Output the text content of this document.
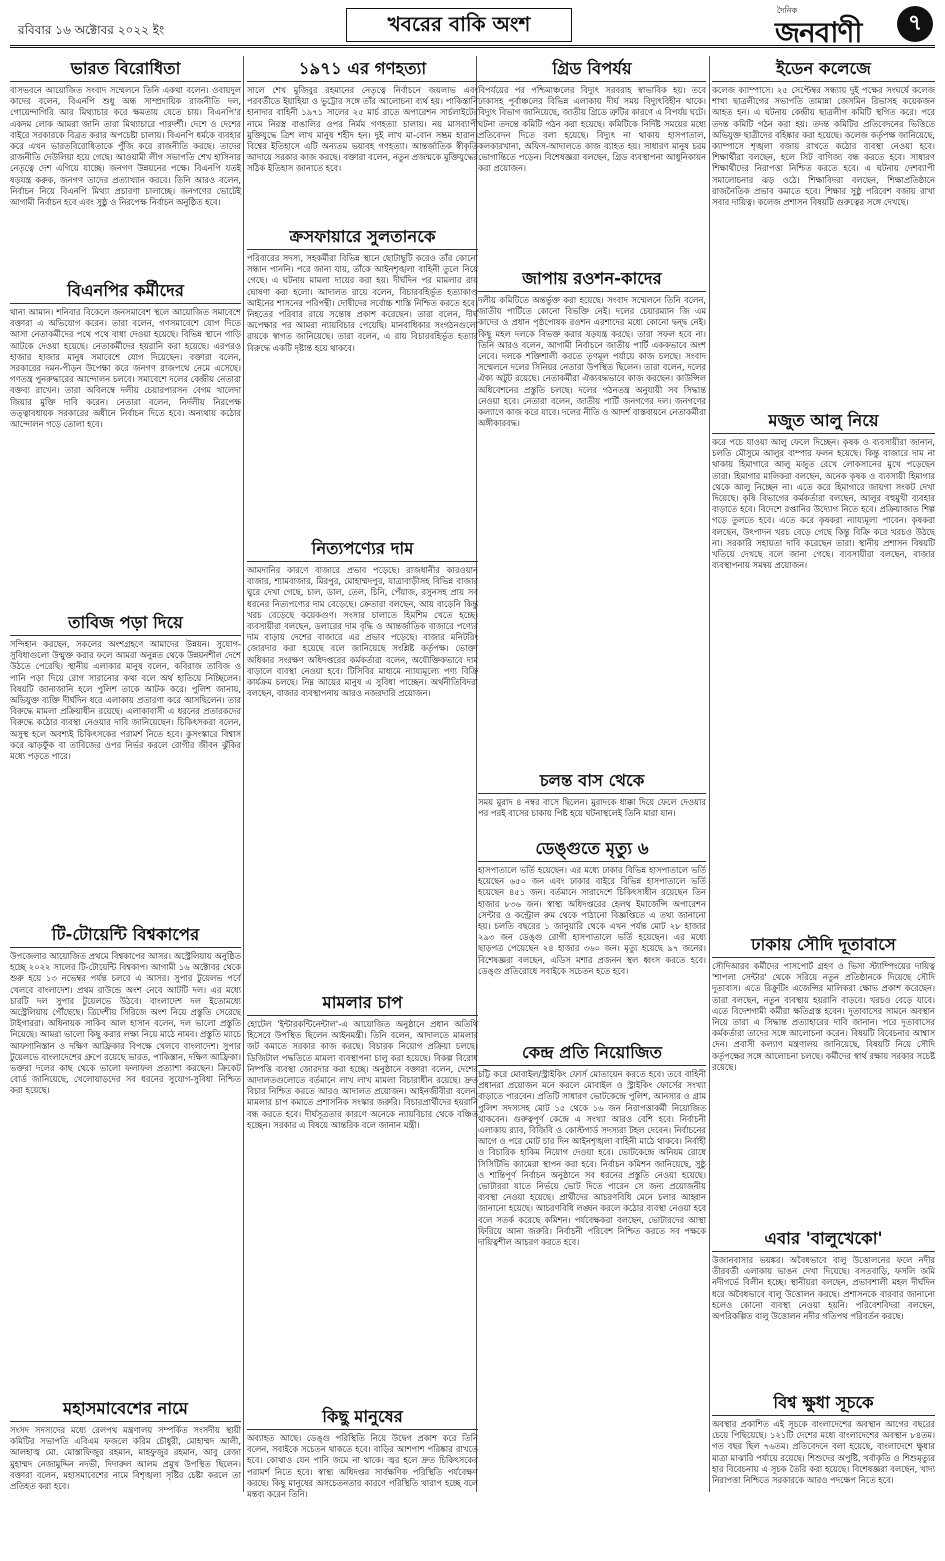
রবিবার ১৬ অক্টোবর ২০২২ ইং	খবরের বাকি অংশ
দৈনিক
জনবাণী	৭
ভারত বিরোধিতা
বাসভবনে আয়োজিত সংবাদ সম্মেলনে তিনি একথা বলেন। ওবায়দুল কাদের বলেন, বিএনপি শুধু অন্ধ সাম্প্রদায়িক রাজনীতি দল, গোয়েন্দাগিরি আর মিথ্যাচার করে ক্ষমতায় যেতে চায়। বিএনপি'র একদম লোক আমরা জানি তারা মিথ্যাচারে পারদর্শী। দেশে ও দেশের বাইরে সরকারকে বিব্রত করার অপচেষ্টা চালায়। বিএনপি ধর্মকে ব্যবহার করে এখন ভারতবিরোধিতাকে পুঁজি করে রাজনীতি করছে। তাদের রাজনীতি দেউলিয়া হয়ে গেছে। আওয়ামী লীগ সভাপতি শেখ হাসিনার নেতৃত্বে দেশ এগিয়ে যাচ্ছে। জনগণ উন্নয়নের পক্ষে। বিএনপি যতই ষড়যন্ত্র করুক, জনগণ তাদের প্রত্যাখ্যান করবে। তিনি আরও বলেন, নির্বাচন নিয়ে বিএনপি মিথ্যা প্রচারণা চালাচ্ছে। জনগণের ভোটেই আগামী নির্বাচন হবে এবং সুষ্ঠু ও নিরপেক্ষ নির্বাচন অনুষ্ঠিত হবে।
বিএনপির কর্মীদের
থানা আমান। শনিবার বিকেলে জনসমাবেশ স্থলে আয়োজিত সমাবেশে বক্তারা এ অভিযোগ করেন। তারা বলেন, গণসমাবেশে যোগ দিতে আসা নেতাকর্মীদের পথে পথে বাধা দেওয়া হয়েছে। বিভিন্ন স্থানে গাড়ি আটকে দেওয়া হয়েছে। নেতাকর্মীদের হয়রানি করা হয়েছে। এরপরও হাজার হাজার মানুষ সমাবেশে যোগ দিয়েছেন। বক্তারা বলেন, সরকারের দমন-পীড়ন উপেক্ষা করে জনগণ রাজপথে নেমে এসেছে। গণতন্ত্র পুনরুদ্ধারের আন্দোলন চলবে। সমাবেশে দলের কেন্দ্রীয় নেতারা বক্তব্য রাখেন। তারা অবিলম্বে দলীয় চেয়ারপারসন বেগম খালেদা জিয়ার মুক্তি দাবি করেন। নেতারা বলেন, নির্দলীয় নিরপেক্ষ তত্ত্বাবধায়ক সরকারের অধীনে নির্বাচন দিতে হবে। অন্যথায় কঠোর আন্দোলন গড়ে তোলা হবে।
তাবিজ পড়া দিয়ে
সন্দিহান করছেন, সকলের অংশগ্রহণে আমাদের উন্নয়ন। সুযোগ-সুবিধাগুলো উন্মুক্ত করার ফলে আমরা অনুন্নত থেকে উন্নয়নশীল দেশে উঠতে পেরেছি। স্থানীয় এলাকার মানুষ বলেন, কবিরাজ তাবিজ ও পানি পড়া দিয়ে রোগ সারানোর কথা বলে অর্থ হাতিয়ে নিচ্ছিলেন। বিষয়টি জানাজানি হলে পুলিশ তাকে আটক করে। পুলিশ জানায়, অভিযুক্ত ব্যক্তি দীর্ঘদিন ধরে এলাকায় প্রতারণা করে আসছিলেন। তার বিরুদ্ধে মামলা প্রক্রিয়াধীন রয়েছে। এলাকাবাসী এ ধরনের প্রতারকদের বিরুদ্ধে কঠোর ব্যবস্থা নেওয়ার দাবি জানিয়েছেন। চিকিৎসকরা বলেন, অসুস্থ হলে অবশ্যই চিকিৎসকের পরামর্শ নিতে হবে। কুসংস্কারে বিশ্বাস করে ঝাড়ফুঁক বা তাবিজের ওপর নির্ভর করলে রোগীর জীবন ঝুঁকির মধ্যে পড়তে পারে।
টি-টোয়েন্টি বিশ্বকাপের
উপজেলার আয়োজিত প্রথমে বিশ্বকাপের আসর। অস্ট্রেলিয়ায় অনুষ্ঠিত হচ্ছে ২০২২ সালের টি-টোয়েন্টি বিশ্বকাপ। আগামী ১৬ অক্টোবর থেকে শুরু হয়ে ১৩ নভেম্বর পর্যন্ত চলবে এ আসর। সুপার টুয়েলভ পর্বে খেলবে বাংলাদেশ। প্রথম রাউন্ডে অংশ নেবে আটটি দল। এর মধ্যে চারটি দল সুপার টুয়েলভে উঠবে। বাংলাদেশ দল ইতোমধ্যে অস্ট্রেলিয়ায় পৌঁছেছে। ত্রিদেশীয় সিরিজে অংশ নিয়ে প্রস্তুতি সেরেছে টাইগাররা। অধিনায়ক সাকিব আল হাসান বলেন, দল ভালো প্রস্তুতি নিয়েছে। আমরা ভালো কিছু করার লক্ষ্য নিয়ে মাঠে নামব। প্রস্তুতি ম্যাচে আফগানিস্তান ও দক্ষিণ আফ্রিকার বিপক্ষে খেলবে বাংলাদেশ। সুপার টুয়েলভে বাংলাদেশের গ্রুপে রয়েছে ভারত, পাকিস্তান, দক্ষিণ আফ্রিকা। ভক্তরা দলের কাছ থেকে ভালো ফলাফল প্রত্যাশা করছেন। ক্রিকেট বোর্ড জানিয়েছে, খেলোয়াড়দের সব ধরনের সুযোগ-সুবিধা নিশ্চিত করা হয়েছে।
মহাসমাবেশের নামে
সংসদ সদস্যদের মধ্যে রেলপথ মন্ত্রণালয় সম্পর্কিত সংসদীয় স্থায়ী কমিটির সভাপতি এবিএম ফজলে করিম চৌধুরী, মোহাম্মদ আলী, আলহাজ্ব মো. মোস্তাফিজুর রহমান, মাহফুজুর রহমান, আবু রেজা মুহাম্মদ নেজামুদ্দিন নদভী, দিদারুল আলম প্রমুখ উপস্থিত ছিলেন। বক্তারা বলেন, মহাসমাবেশের নামে বিশৃঙ্খলা সৃষ্টির চেষ্টা করলে তা প্রতিহত করা হবে।
১৯৭১ এর গণহত্যা
সালে শেখ মুজিবুর রহমানের নেতৃত্বে নির্বাচনে জয়লাভ এবং পরবর্তীতে ইয়াহিয়া ও ভুট্টোর সঙ্গে তাঁর আলোচনা ব্যর্থ হয়। পাকিস্তানি হানাদার বাহিনী ১৯৭১ সালের ২৫ মার্চ রাতে অপারেশন সার্চলাইটের নামে নিরস্ত্র বাঙালির ওপর নির্মম গণহত্যা চালায়। নয় মাসব্যাপী মুক্তিযুদ্ধে ত্রিশ লাখ মানুষ শহীদ হন। দুই লাখ মা-বোন সম্ভ্রম হারান। বিশ্বের ইতিহাসে এটি অন্যতম ভয়াবহ গণহত্যা। আন্তর্জাতিক স্বীকৃতি আদায়ে সরকার কাজ করছে। বক্তারা বলেন, নতুন প্রজন্মকে মুক্তিযুদ্ধের সঠিক ইতিহাস জানাতে হবে।
ক্রসফায়ারে সুলতানকে
পরিবারের সদস্য, সহকর্মীরা বিভিন্ন স্থানে ছোটাছুটি করেও তাঁর কোনো সন্ধান পাননি। পরে জানা যায়, তাঁকে আইনশৃঙ্খলা বাহিনী তুলে নিয়ে গেছে। এ ঘটনায় মামলা দায়ের করা হয়। দীর্ঘদিন পর মামলার রায় ঘোষণা করা হলো। আদালত রায়ে বলেন, বিচারবহির্ভূত হত্যাকাণ্ড আইনের শাসনের পরিপন্থী। দোষীদের সর্বোচ্চ শাস্তি নিশ্চিত করতে হবে। নিহতের পরিবার রায়ে সন্তোষ প্রকাশ করেছেন। তারা বলেন, দীর্ঘ অপেক্ষার পর আমরা ন্যায়বিচার পেয়েছি। মানবাধিকার সংগঠনগুলো রায়কে স্বাগত জানিয়েছে। তারা বলেন, এ রায় বিচারবহির্ভূত হত্যার বিরুদ্ধে একটি দৃষ্টান্ত হয়ে থাকবে।
নিত্যপণ্যের দাম
আমদানির কারণে বাজারে প্রভাব পড়েছে। রাজধানীর কারওয়ান বাজার, শ্যামবাজার, মিরপুর, মোহাম্মদপুর, যাত্রাবাড়ীসহ বিভিন্ন বাজার ঘুরে দেখা গেছে, চাল, ডাল, তেল, চিনি, পেঁয়াজ, রসুনসহ প্রায় সব ধরনের নিত্যপণ্যের দাম বেড়েছে। ক্রেতারা বলছেন, আয় বাড়েনি কিন্তু খরচ বেড়েছে কয়েকগুণ। সংসার চালাতে হিমশিম খেতে হচ্ছে। ব্যবসায়ীরা বলছেন, ডলারের দাম বৃদ্ধি ও আন্তর্জাতিক বাজারে পণ্যের দাম বাড়ায় দেশের বাজারে এর প্রভাব পড়েছে। বাজার মনিটরিং জোরদার করা হয়েছে বলে জানিয়েছে সংশ্লিষ্ট কর্তৃপক্ষ। ভোক্তা অধিকার সংরক্ষণ অধিদপ্তরের কর্মকর্তারা বলেন, অযৌক্তিকভাবে দাম বাড়ালে ব্যবস্থা নেওয়া হবে। টিসিবির মাধ্যমে ন্যায্যমূল্যে পণ্য বিক্রি কার্যক্রম চলছে। নিম্ন আয়ের মানুষ এ সুবিধা পাচ্ছেন। অর্থনীতিবিদরা বলছেন, বাজার ব্যবস্থাপনায় আরও নজরদারি প্রয়োজন।
মামলার চাপ
হোটেল 'ইন্টারকন্টিনেন্টাল'-এ আয়োজিত অনুষ্ঠানে প্রধান অতিথি হিসেবে উপস্থিত ছিলেন আইনমন্ত্রী। তিনি বলেন, আদালতে মামলার জট কমাতে সরকার কাজ করছে। বিচারক নিয়োগ প্রক্রিয়া চলছে। ডিজিটাল পদ্ধতিতে মামলা ব্যবস্থাপনা চালু করা হয়েছে। বিকল্প বিরোধ নিষ্পত্তি ব্যবস্থা জোরদার করা হচ্ছে। অনুষ্ঠানে বক্তারা বলেন, দেশের আদালতগুলোতে বর্তমানে লাখ লাখ মামলা বিচারাধীন রয়েছে। দ্রুত বিচার নিশ্চিত করতে আরও আদালত প্রয়োজন। আইনজীবীরা বলেন, মামলার চাপ কমাতে প্রশাসনিক সংস্কার জরুরি। বিচারপ্রার্থীদের হয়রানি বন্ধ করতে হবে। দীর্ঘসূত্রতার কারণে অনেকে ন্যায়বিচার থেকে বঞ্চিত হচ্ছেন। সরকার এ বিষয়ে আন্তরিক বলে জানান মন্ত্রী।
কিছু মানুষের
অব্যাহত আছে। ডেঙ্গু পরিস্থিতি নিয়ে উদ্বেগ প্রকাশ করে তিনি বলেন, সবাইকে সচেতন থাকতে হবে। বাড়ির আশপাশ পরিষ্কার রাখতে হবে। কোথাও যেন পানি জমে না থাকে। জ্বর হলে দ্রুত চিকিৎসকের পরামর্শ নিতে হবে। স্বাস্থ্য অধিদপ্তর সার্বক্ষণিক পরিস্থিতি পর্যবেক্ষণ করছে। কিছু মানুষের অসচেতনতার কারণে পরিস্থিতি খারাপ হচ্ছে বলে মন্তব্য করেন তিনি।
গ্রিড বিপর্যয়
বিপর্যয়ের পর পশ্চিমাঞ্চলের বিদ্যুৎ সরবরাহ স্বাভাবিক হয়। তবে ঢাকাসহ পূর্বাঞ্চলের বিভিন্ন এলাকায় দীর্ঘ সময় বিদ্যুৎবিহীন থাকে। বিদ্যুৎ বিভাগ জানিয়েছে, জাতীয় গ্রিডে ত্রুটির কারণে এ বিপর্যয় ঘটে। ঘটনা তদন্তে কমিটি গঠন করা হয়েছে। কমিটিকে নির্দিষ্ট সময়ের মধ্যে প্রতিবেদন দিতে বলা হয়েছে। বিদ্যুৎ না থাকায় হাসপাতাল, কলকারখানা, অফিস-আদালতে কাজ ব্যাহত হয়। সাধারণ মানুষ চরম ভোগান্তিতে পড়েন। বিশেষজ্ঞরা বলছেন, গ্রিড ব্যবস্থাপনা আধুনিকায়ন করা প্রয়োজন।
জাপায় রওশন-কাদের
দলীয় কমিটিতে অন্তর্ভুক্ত করা হয়েছে। সংবাদ সম্মেলনে তিনি বলেন, জাতীয় পার্টিতে কোনো বিভক্তি নেই। দলের চেয়ারম্যান জি এম কাদের ও প্রধান পৃষ্ঠপোষক রওশন এরশাদের মধ্যে কোনো দ্বন্দ্ব নেই। কিছু মহল দলকে বিভক্ত করার ষড়যন্ত্র করছে। তারা সফল হবে না। তিনি আরও বলেন, আগামী নির্বাচনে জাতীয় পার্টি এককভাবে অংশ নেবে। দলকে শক্তিশালী করতে তৃণমূল পর্যায়ে কাজ চলছে। সংবাদ সম্মেলনে দলের সিনিয়র নেতারা উপস্থিত ছিলেন। তারা বলেন, দলের ঐক্য অটুট রয়েছে। নেতাকর্মীরা ঐক্যবদ্ধভাবে কাজ করছেন। কাউন্সিল অধিবেশনের প্রস্তুতি চলছে। দলের গঠনতন্ত্র অনুযায়ী সব সিদ্ধান্ত নেওয়া হবে। নেতারা বলেন, জাতীয় পার্টি জনগণের দল। জনগণের কল্যাণে কাজ করে যাবে। দলের নীতি ও আদর্শ বাস্তবায়নে নেতাকর্মীরা অঙ্গীকারবদ্ধ।
চলন্ত বাস থেকে
সময় মুরাদ ৪ নম্বর বাসে ছিলেন। মুরাদকে ধাক্কা দিয়ে ফেলে দেওয়ার পর পরই বাসের চাকায় পিষ্ট হয়ে ঘটনাস্থলেই তিনি মারা যান।
ডেঙ্গুতে মৃত্যু ৬
হাসপাতালে ভর্তি হয়েছেন। এর মধ্যে ঢাকার বিভিন্ন হাসপাতালে ভর্তি হয়েছেন ৬৫০ জন এবং ঢাকার বাইরে বিভিন্ন হাসপাতালে ভর্তি হয়েছেন ৪৫১ জন। বর্তমানে সারাদেশে চিকিৎসাধীন রয়েছেন তিন হাজার ৮৩৬ জন। স্বাস্থ্য অধিদপ্তরের হেলথ ইমার্জেন্সি অপারেশন সেন্টার ও কন্ট্রোল রুম থেকে পাঠানো বিজ্ঞপ্তিতে এ তথ্য জানানো হয়। চলতি বছরের ১ জানুয়ারি থেকে এখন পর্যন্ত মোট ২৮ হাজার ২৯৩ জন ডেঙ্গু রোগী হাসপাতালে ভর্তি হয়েছেন। এর মধ্যে ছাড়পত্র পেয়েছেন ২৪ হাজার ৩৬০ জন। মৃত্যু হয়েছে ৯৭ জনের। বিশেষজ্ঞরা বলছেন, এডিস মশার প্রজনন স্থল ধ্বংস করতে হবে। ডেঙ্গু প্রতিরোধে সবাইকে সচেতন হতে হবে।
কেন্দ্র প্রতি নিয়োজিত
চট্টি করে মোবাইল/স্ট্রাইকিং ফোর্স মোতায়েন করতে হবে। তবে বাহিনী প্রধানরা প্রয়োজন মনে করলে মোবাইল ও স্ট্রাইকিং ফোর্সের সংখ্যা বাড়াতে পারবেন। প্রতিটি সাধারণ ভোটকেন্দ্রে পুলিশ, আনসার ও গ্রাম পুলিশ সদস্যসহ মোট ১৫ থেকে ১৬ জন নিরাপত্তাকর্মী নিয়োজিত থাকবেন। গুরুত্বপূর্ণ কেন্দ্রে এ সংখ্যা আরও বেশি হবে। নির্বাচনী এলাকায় র‍্যাব, বিজিবি ও কোস্টগার্ড সদস্যরা টহল দেবেন। নির্বাচনের আগে ও পরে মোট চার দিন আইনশৃঙ্খলা বাহিনী মাঠে থাকবে। নির্বাহী ও বিচারিক হাকিম নিয়োগ দেওয়া হবে। ভোটকেন্দ্রে অনিয়ম রোধে সিসিটিভি ক্যামেরা স্থাপন করা হবে। নির্বাচন কমিশন জানিয়েছে, সুষ্ঠু ও শান্তিপূর্ণ নির্বাচন অনুষ্ঠানে সব ধরনের প্রস্তুতি নেওয়া হয়েছে। ভোটাররা যাতে নির্ভয়ে ভোট দিতে পারেন সে জন্য প্রয়োজনীয় ব্যবস্থা নেওয়া হয়েছে। প্রার্থীদের আচরণবিধি মেনে চলার আহ্বান জানানো হয়েছে। আচরণবিধি লঙ্ঘন করলে কঠোর ব্যবস্থা নেওয়া হবে বলে সতর্ক করেছে কমিশন। পর্যবেক্ষকরা বলছেন, ভোটারদের আস্থা ফিরিয়ে আনা জরুরি। নির্বাচনী পরিবেশ নিশ্চিত করতে সব পক্ষকে দায়িত্বশীল আচরণ করতে হবে।
ইডেন কলেজে
কলেজ ক্যাম্পাসে। ২৫ সেপ্টেম্বর সন্ধ্যায় দুই পক্ষের সংঘর্ষে কলেজ শাখা ছাত্রলীগের সভাপতি তামান্না জেসমিন রিভাসহ কয়েকজন আহত হন। এ ঘটনায় কেন্দ্রীয় ছাত্রলীগ কমিটি স্থগিত করে। পরে তদন্ত কমিটি গঠন করা হয়। তদন্ত কমিটির প্রতিবেদনের ভিত্তিতে অভিযুক্ত ছাত্রীদের বহিষ্কার করা হয়েছে। কলেজ কর্তৃপক্ষ জানিয়েছে, ক্যাম্পাসে শৃঙ্খলা বজায় রাখতে কঠোর ব্যবস্থা নেওয়া হবে। শিক্ষার্থীরা বলছেন, হলে সিট বাণিজ্য বন্ধ করতে হবে। সাধারণ শিক্ষার্থীদের নিরাপত্তা নিশ্চিত করতে হবে। এ ঘটনায় দেশব্যাপী সমালোচনার ঝড় ওঠে। শিক্ষাবিদরা বলছেন, শিক্ষাপ্রতিষ্ঠানে রাজনৈতিক প্রভাব কমাতে হবে। শিক্ষার সুষ্ঠু পরিবেশ বজায় রাখা সবার দায়িত্ব। কলেজ প্রশাসন বিষয়টি গুরুত্বের সঙ্গে দেখছে।
মজুত আলু নিয়ে
করে পচে যাওয়া আলু ফেলে দিচ্ছেন। কৃষক ও ব্যবসায়ীরা জানান, চলতি মৌসুমে আলুর বাম্পার ফলন হয়েছে। কিন্তু বাজারে দাম না থাকায় হিমাগারে আলু মজুত রেখে লোকসানের মুখে পড়েছেন তারা। হিমাগার মালিকরা বলছেন, অনেক কৃষক ও ব্যবসায়ী হিমাগার থেকে আলু নিচ্ছেন না। এতে করে হিমাগারে জায়গা সংকট দেখা দিয়েছে। কৃষি বিভাগের কর্মকর্তারা বলছেন, আলুর বহুমুখী ব্যবহার বাড়াতে হবে। বিদেশে রপ্তানির উদ্যোগ নিতে হবে। প্রক্রিয়াজাত শিল্প গড়ে তুলতে হবে। এতে করে কৃষকরা ন্যায্যমূল্য পাবেন। কৃষকরা বলছেন, উৎপাদন খরচ বেড়ে গেছে কিন্তু বিক্রি করে খরচও উঠছে না। সরকারি সহায়তা দাবি করেছেন তারা। স্থানীয় প্রশাসন বিষয়টি খতিয়ে দেখছে বলে জানা গেছে। ব্যবসায়ীরা বলছেন, বাজার ব্যবস্থাপনায় সমন্বয় প্রয়োজন।
ঢাকায় সৌদি দূতাবাসে
সৌদিআরব কর্মীদের পাসপোর্ট গ্রহণ ও ভিসা স্ট্যাম্পিংয়ের দায়িত্ব 'শাপলা সেন্টার' থেকে সরিয়ে নতুন প্রতিষ্ঠানকে দিয়েছে সৌদি দূতাবাস। এতে রিক্রুটিং এজেন্সির মালিকরা ক্ষোভ প্রকাশ করেছেন। তারা বলছেন, নতুন ব্যবস্থায় হয়রানি বাড়বে। খরচও বেড়ে যাবে। এতে বিদেশগামী কর্মীরা ক্ষতিগ্রস্ত হবেন। দূতাবাসের সামনে অবস্থান নিয়ে তারা এ সিদ্ধান্ত প্রত্যাহারের দাবি জানান। পরে দূতাবাসের কর্মকর্তারা তাদের সঙ্গে আলোচনা করেন। বিষয়টি বিবেচনার আশ্বাস দেন। প্রবাসী কল্যাণ মন্ত্রণালয় জানিয়েছে, বিষয়টি নিয়ে সৌদি কর্তৃপক্ষের সঙ্গে আলোচনা চলছে। কর্মীদের স্বার্থ রক্ষায় সরকার সচেষ্ট রয়েছে।
এবার 'বালুখেকো'
উজানবাসার ভয়ঙ্কর। অবৈধভাবে বালু উত্তোলনের ফলে নদীর তীরবর্তী এলাকায় ভাঙন দেখা দিয়েছে। বসতবাড়ি, ফসলি জমি নদীগর্ভে বিলীন হচ্ছে। স্থানীয়রা বলছেন, প্রভাবশালী মহল দীর্ঘদিন ধরে অবৈধভাবে বালু উত্তোলন করছে। প্রশাসনকে বারবার জানানো হলেও কোনো ব্যবস্থা নেওয়া হয়নি। পরিবেশবিদরা বলছেন, অপরিকল্পিত বালু উত্তোলন নদীর গতিপথ পরিবর্তন করছে।
বিশ্ব ক্ষুধা সূচকে
অবস্থার প্রকাশিত এই সূচকে বাংলাদেশের অবস্থান আগের বছরের চেয়ে পিছিয়েছে। ১২১টি দেশের মধ্যে বাংলাদেশের অবস্থান ৮৪তম। গত বছর ছিল ৭৬তম। প্রতিবেদনে বলা হয়েছে, বাংলাদেশে ক্ষুধার মাত্রা মাঝারি পর্যায়ে রয়েছে। শিশুদের অপুষ্টি, খর্বাকৃতি ও শিশুমৃত্যুর হার বিবেচনায় এ সূচক তৈরি করা হয়েছে। বিশেষজ্ঞরা বলছেন, খাদ্য নিরাপত্তা নিশ্চিতে সরকারকে আরও পদক্ষেপ নিতে হবে।
